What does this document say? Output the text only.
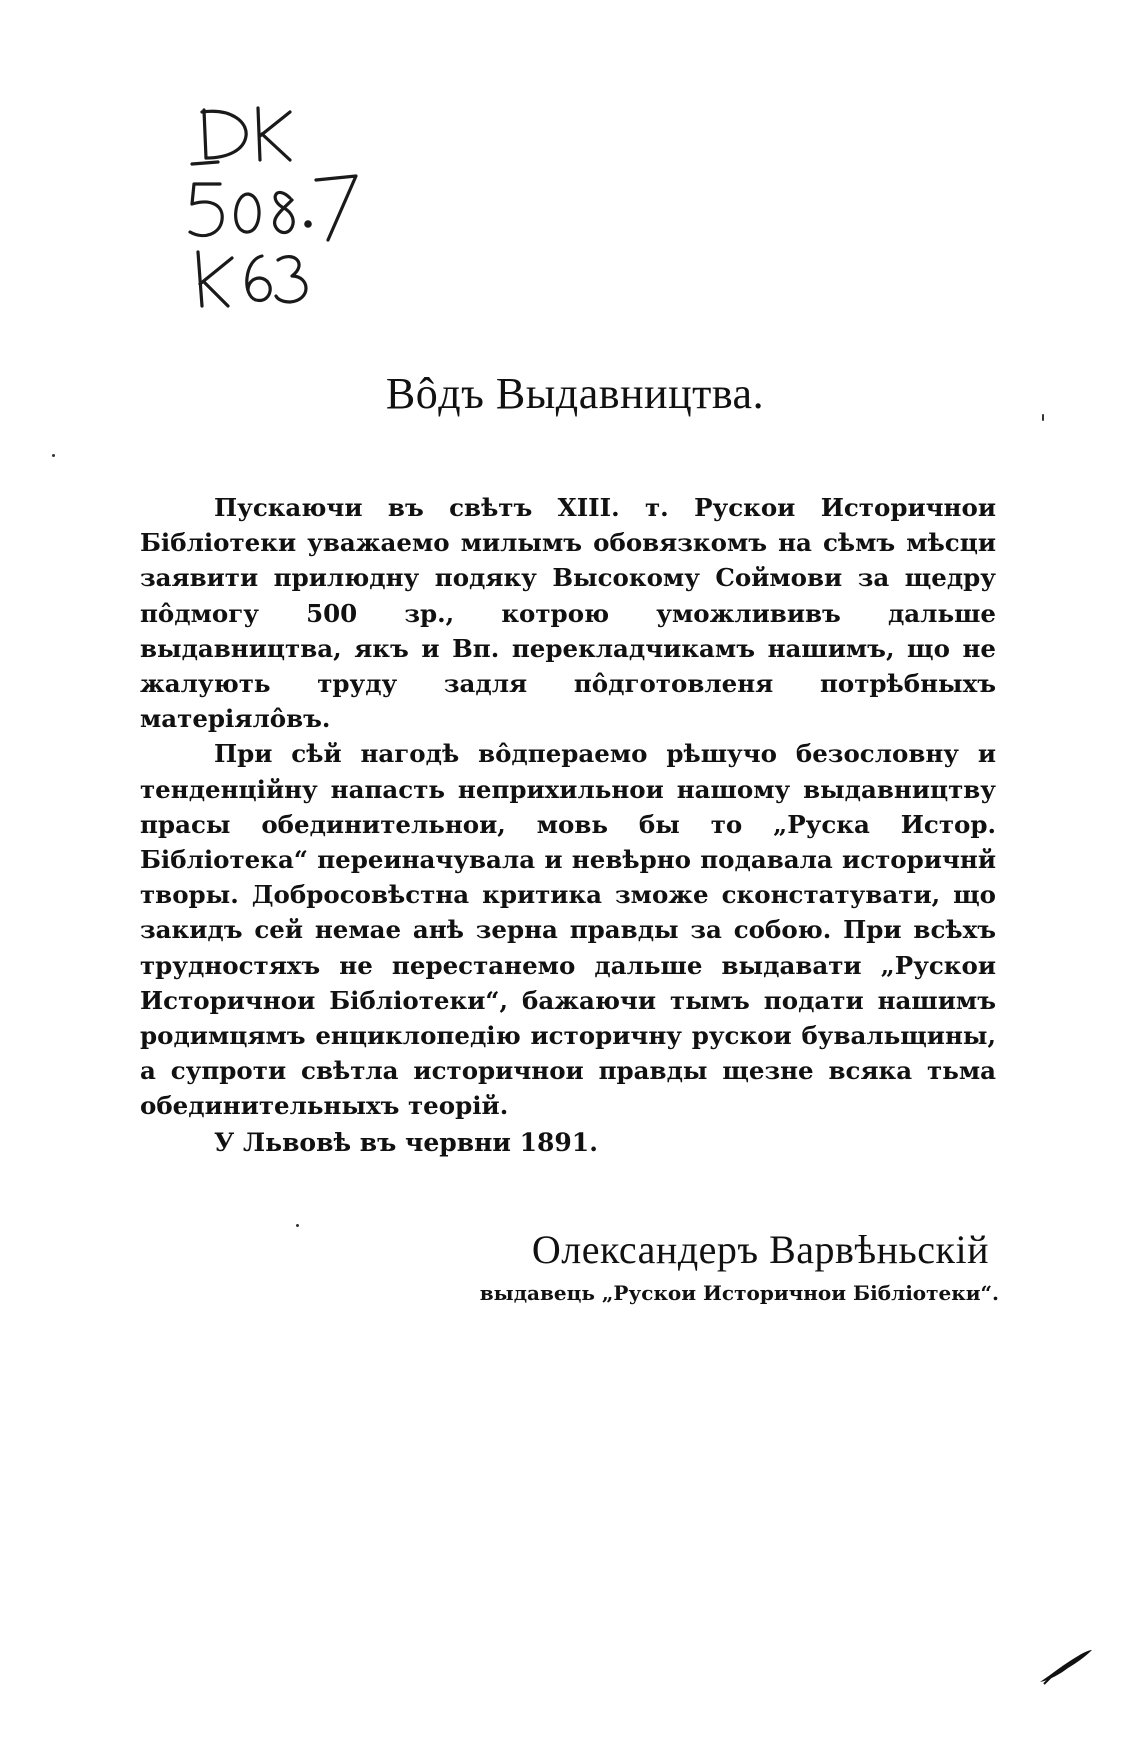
Вôдъ Выдавництва.

Пускаючи въ свѣтъ XIII. т. Рускои Историчнои Бібліотеки уважаемо милымъ обовязкомъ на сѣмъ мѣсци заявити прилюдну подяку Высокому Соймови за щедру пôдмогу 500 зр., котрою уможлививъ дальше выдавництва, якъ и Вп. перекладчикамъ нашимъ, що не жалують труду задля пôдготовленя потрѣбныхъ матеріялôвъ.

При сѣй нагодѣ вôдпераемо рѣшучо безословну и тенденційну напасть неприхильнои нашому выдавництву прасы обединительнои, мовь бы то „Руска Истор. Бібліотека“ переиначувала и невѣрно подавала историчнй творы. Добросовѣстна критика зможе сконстатувати, що закидъ сей немае анѣ зерна правды за собою. При всѣхъ трудностяхъ не перестанемо дальше выдавати „Рускои Историчнои Бібліотеки“, бажаючи тымъ подати нашимъ родимцямъ енциклопедію историчну рускои бувальщины, а супроти свѣтла историчнои правды щезне всяка тьма обединительныхъ теорій.

У Львовѣ въ червни 1891.
Олександеръ Варвѣньскій
выдавець „Рускои Историчнои Бібліотеки“.
